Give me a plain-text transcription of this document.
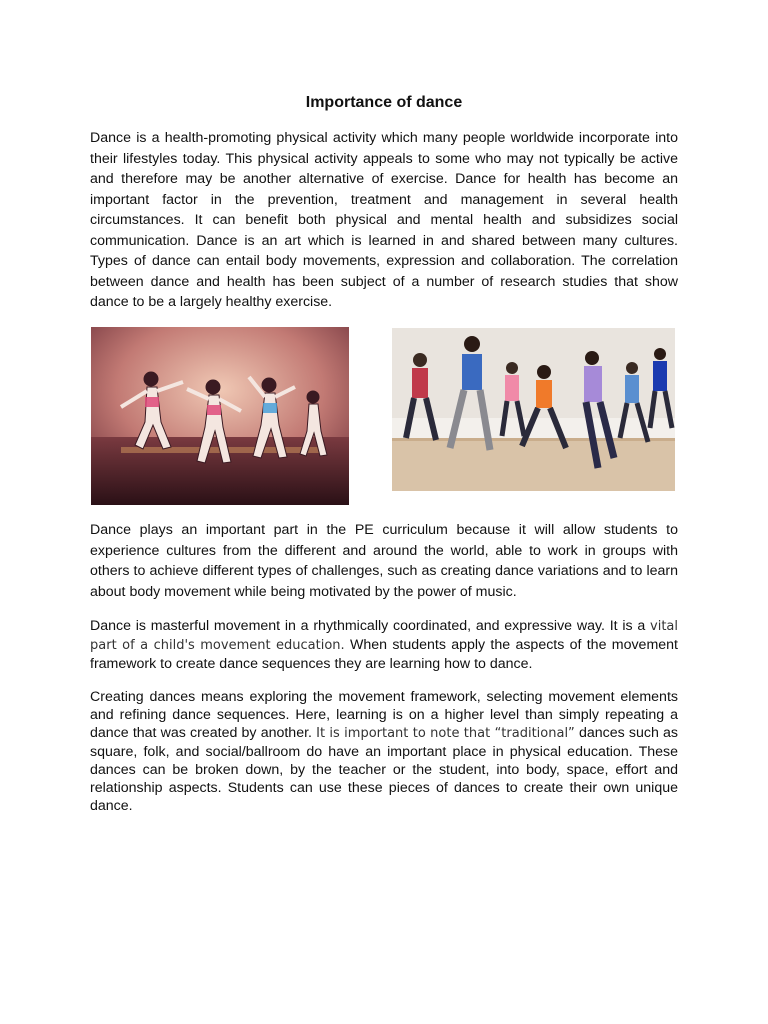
Importance of dance

Dance is a health-promoting physical activity which many people worldwide incorporate into their lifestyles today. This physical activity appeals to some who may not typically be active and therefore may be another alternative of exercise. Dance for health has become an important factor in the prevention, treatment and management in several health circumstances. It can benefit both physical and mental health and subsidizes social communication. Dance is an art which is learned in and shared between many cultures. Types of dance can entail body movements, expression and collaboration. The correlation between dance and health has been subject of a number of research studies that show dance to be a largely healthy exercise.

Dance plays an important part in the PE curriculum because it will allow students to experience cultures from the different and around the world, able to work in groups with others to achieve different types of challenges, such as creating dance variations and to learn about body movement while being motivated by the power of music.

Dance is masterful movement in a rhythmically coordinated, and expressive way. It is a vital part of a child's movement education. When students apply the aspects of the movement framework to create dance sequences they are learning how to dance.

Creating dances means exploring the movement framework, selecting movement elements and refining dance sequences. Here, learning is on a higher level than simply repeating a dance that was created by another. It is important to note that “traditional” dances such as square, folk, and social/ballroom do have an important place in physical education. These dances can be broken down, by the teacher or the student, into body, space, effort and relationship aspects. Students can use these pieces of dances to create their own unique dance.
